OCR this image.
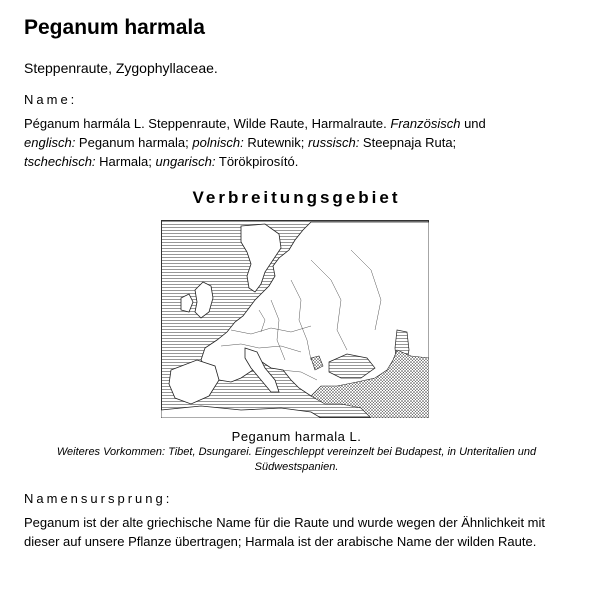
Peganum harmala
Steppenraute, Zygophyllaceae.
Name:
Péganum harmála L. Steppenraute, Wilde Raute, Harmalraute. Französisch und
englisch: Peganum harmala; polnisch: Rutewnik; russisch: Steepnaja Ruta;
tschechisch: Harmala; ungarisch: Törökpirosító.
Verbreitungsgebiet
Peganum harmala L.
Weiteres Vorkommen: Tibet, Dsungarei. Eingeschleppt vereinzelt bei Budapest, in Unteritalien und Südwestspanien.
Namensursprung:
Peganum ist der alte griechische Name für die Raute und wurde wegen der Ähnlichkeit mit dieser auf unsere Pflanze übertragen; Harmala ist der arabische Name der wilden Raute.
